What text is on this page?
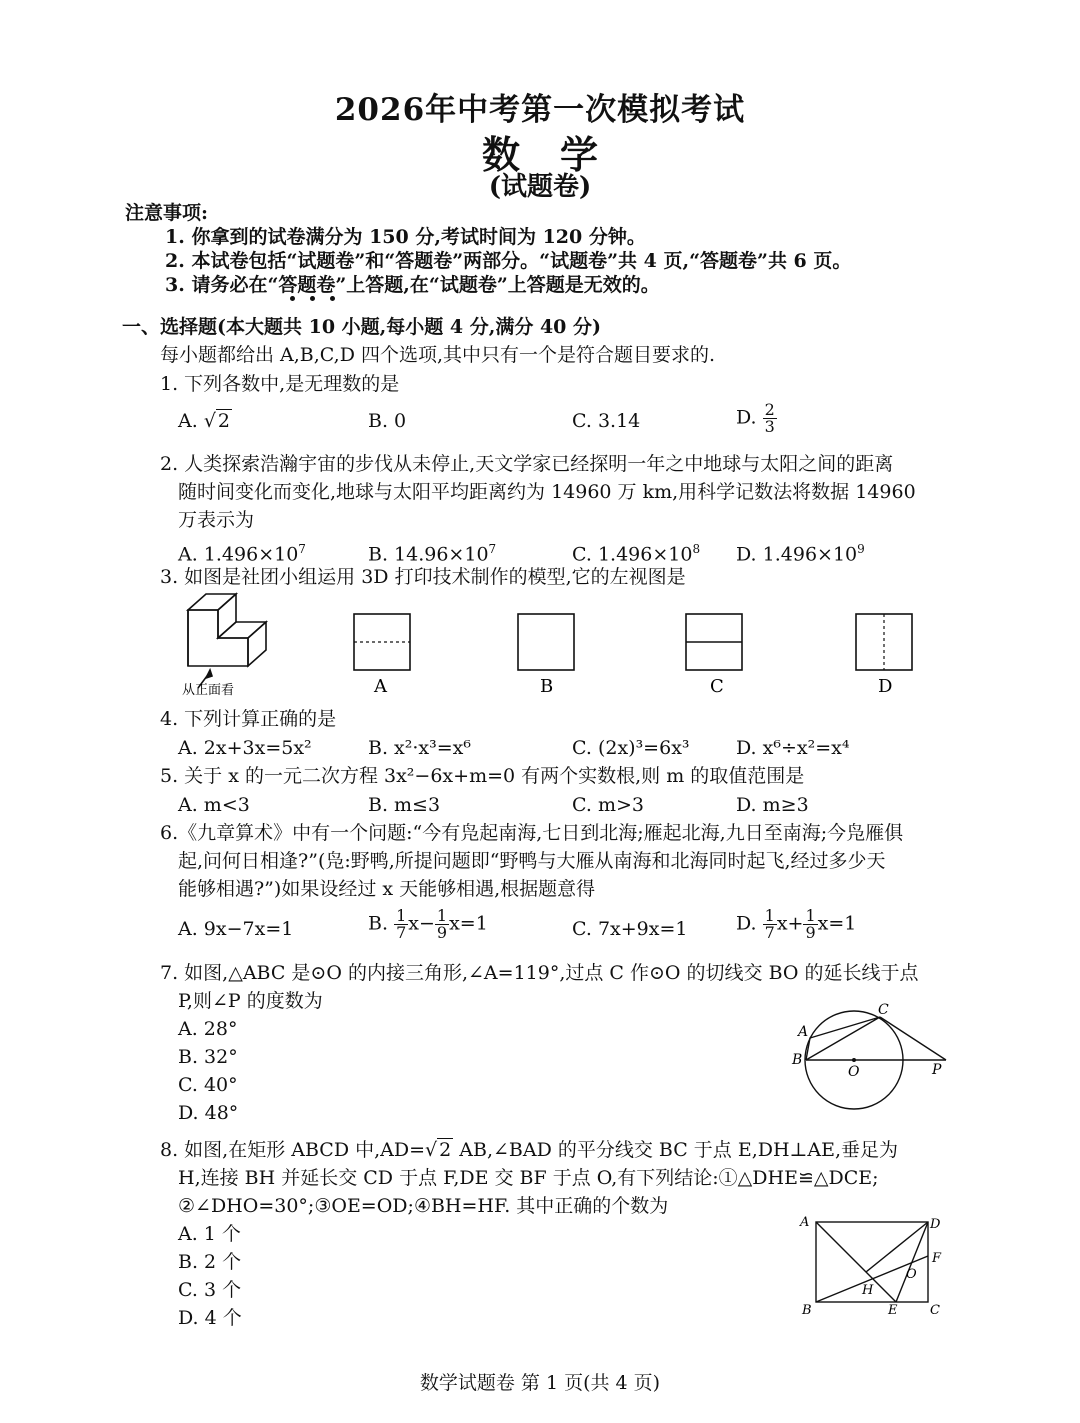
2026年中考第一次模拟考试
数学
(试题卷)
注意事项:
1. 你拿到的试卷满分为 150 分,考试时间为 120 分钟。
2. 本试卷包括“试题卷”和“答题卷”两部分。“试题卷”共 4 页,“答题卷”共 6 页。
3. 请务必在“答题卷”上答题,在“试题卷”上答题是无效的。
一、选择题(本大题共 10 小题,每小题 4 分,满分 40 分)
每小题都给出 A,B,C,D 四个选项,其中只有一个是符合题目要求的.
1. 下列各数中,是无理数的是
A. √ 2	B. 0	C. 3.14	D. $\frac{2}{3}$
2. 人类探索浩瀚宇宙的步伐从未停止,天文学家已经探明一年之中地球与太阳之间的距离
随时间变化而变化,地球与太阳平均距离约为 14960 万 km,用科学记数法将数据 14960
万表示为
A. $1.496\times 10^7$	B. $14.96\times 10^7$	C. $1.496\times 10^8$ D. $1.496\times 10^9$
3. 如图是社团小组运用 3D 打印技术制作的模型,它的左视图是
从正面看	A	B	C	D
4. 下列计算正确的是
A. 2x+3x=5x²	B. x²·x³=x⁶	C. (2x)³=6x³ D. x⁶÷x²=x⁴
5. 关于 x 的一元二次方程 3x²−6x+m=0 有两个实数根,则 m 的取值范围是
A. m<3	B. m≤3	C. m>3	D. m≥3
6.《九章算术》中有一个问题:“今有凫起南海,七日到北海;雁起北海,九日至南海;今凫雁俱
起,问何日相逢?”(凫:野鸭,所提问题即“野鸭与大雁从南海和北海同时起飞,经过多少天
能够相遇?”)如果设经过 x 天能够相遇,根据题意得
A. 9x−7x=1	B. $\frac{1}{7} x- \frac{1}{9} x=1$	C. 7x+9x=1	D. $\frac{1}{7} x+ \frac{1}{9} x=1$
7. 如图,△ABC 是⊙O 的内接三角形,∠A=119°,过点 C 作⊙O 的切线交 BO 的延长线于点
P,则∠P 的度数为
A. 28°
B. 32°
C. 40°
D. 48°
A
B
C
O	P
8. 如图,在矩形 ABCD 中,AD=√ 2 AB,∠BAD 的平分线交 BC 于点 E,DH⊥AE,垂足为
H,连接 BH 并延长交 CD 于点 F,DE 交 BF 于点 O,有下列结论:①△DHE≌△DCE;
②∠DHO=30°;③OE=OD;④BH=HF. 其中正确的个数为
A. 1 个
B. 2 个
C. 3 个
D. 4 个
A
B	C
D
E
F
H
O
数学试题卷 第 1 页(共 4 页)
